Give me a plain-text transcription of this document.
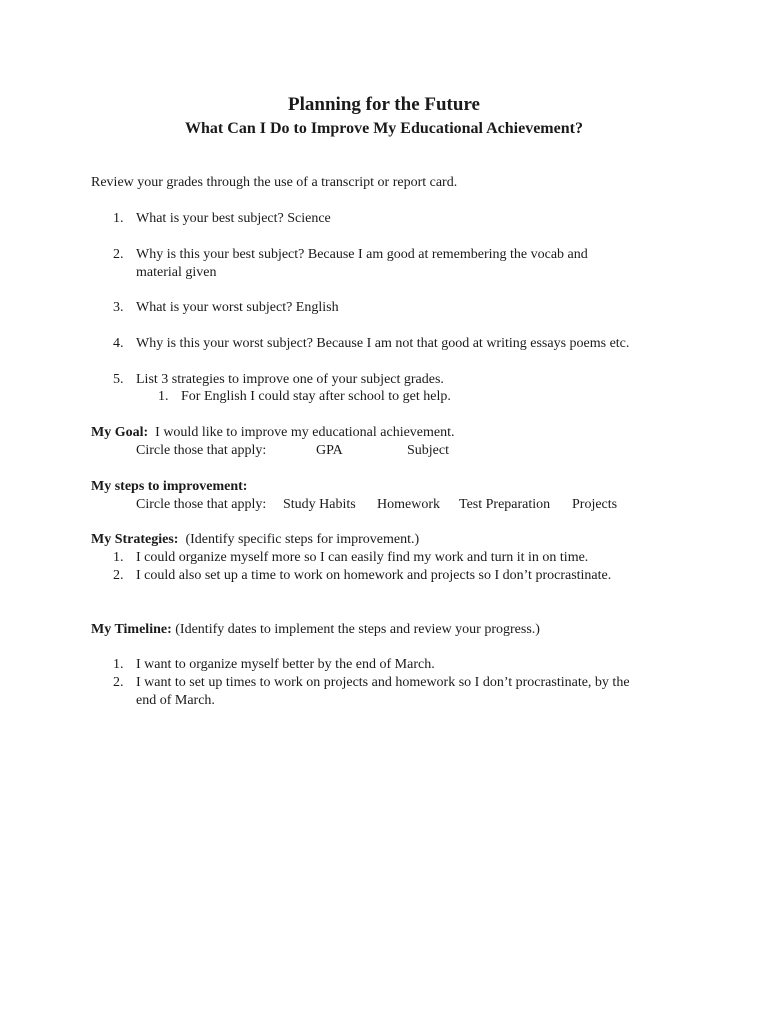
Planning for the Future
What Can I Do to Improve My Educational Achievement?
Review your grades through the use of a transcript or report card.
1. What is your best subject? Science
2. Why is this your best subject? Because I am good at remembering the vocab and
material given
3. What is your worst subject? English
4. Why is this your worst subject? Because I am not that good at writing essays poems etc.
5. List 3 strategies to improve one of your subject grades.
1. For English I could stay after school to get help.
My Goal: I would like to improve my educational achievement.
Circle those that apply:	GPA	Subject
My steps to improvement:
Circle those that apply: Study Habits Homework Test Preparation Projects
My Strategies: (Identify specific steps for improvement.)
1. I could organize myself more so I can easily find my work and turn it in on time.
2. I could also set up a time to work on homework and projects so I don’t procrastinate.
My Timeline: (Identify dates to implement the steps and review your progress.)
1. I want to organize myself better by the end of March.
2. I want to set up times to work on projects and homework so I don’t procrastinate, by the
end of March.
